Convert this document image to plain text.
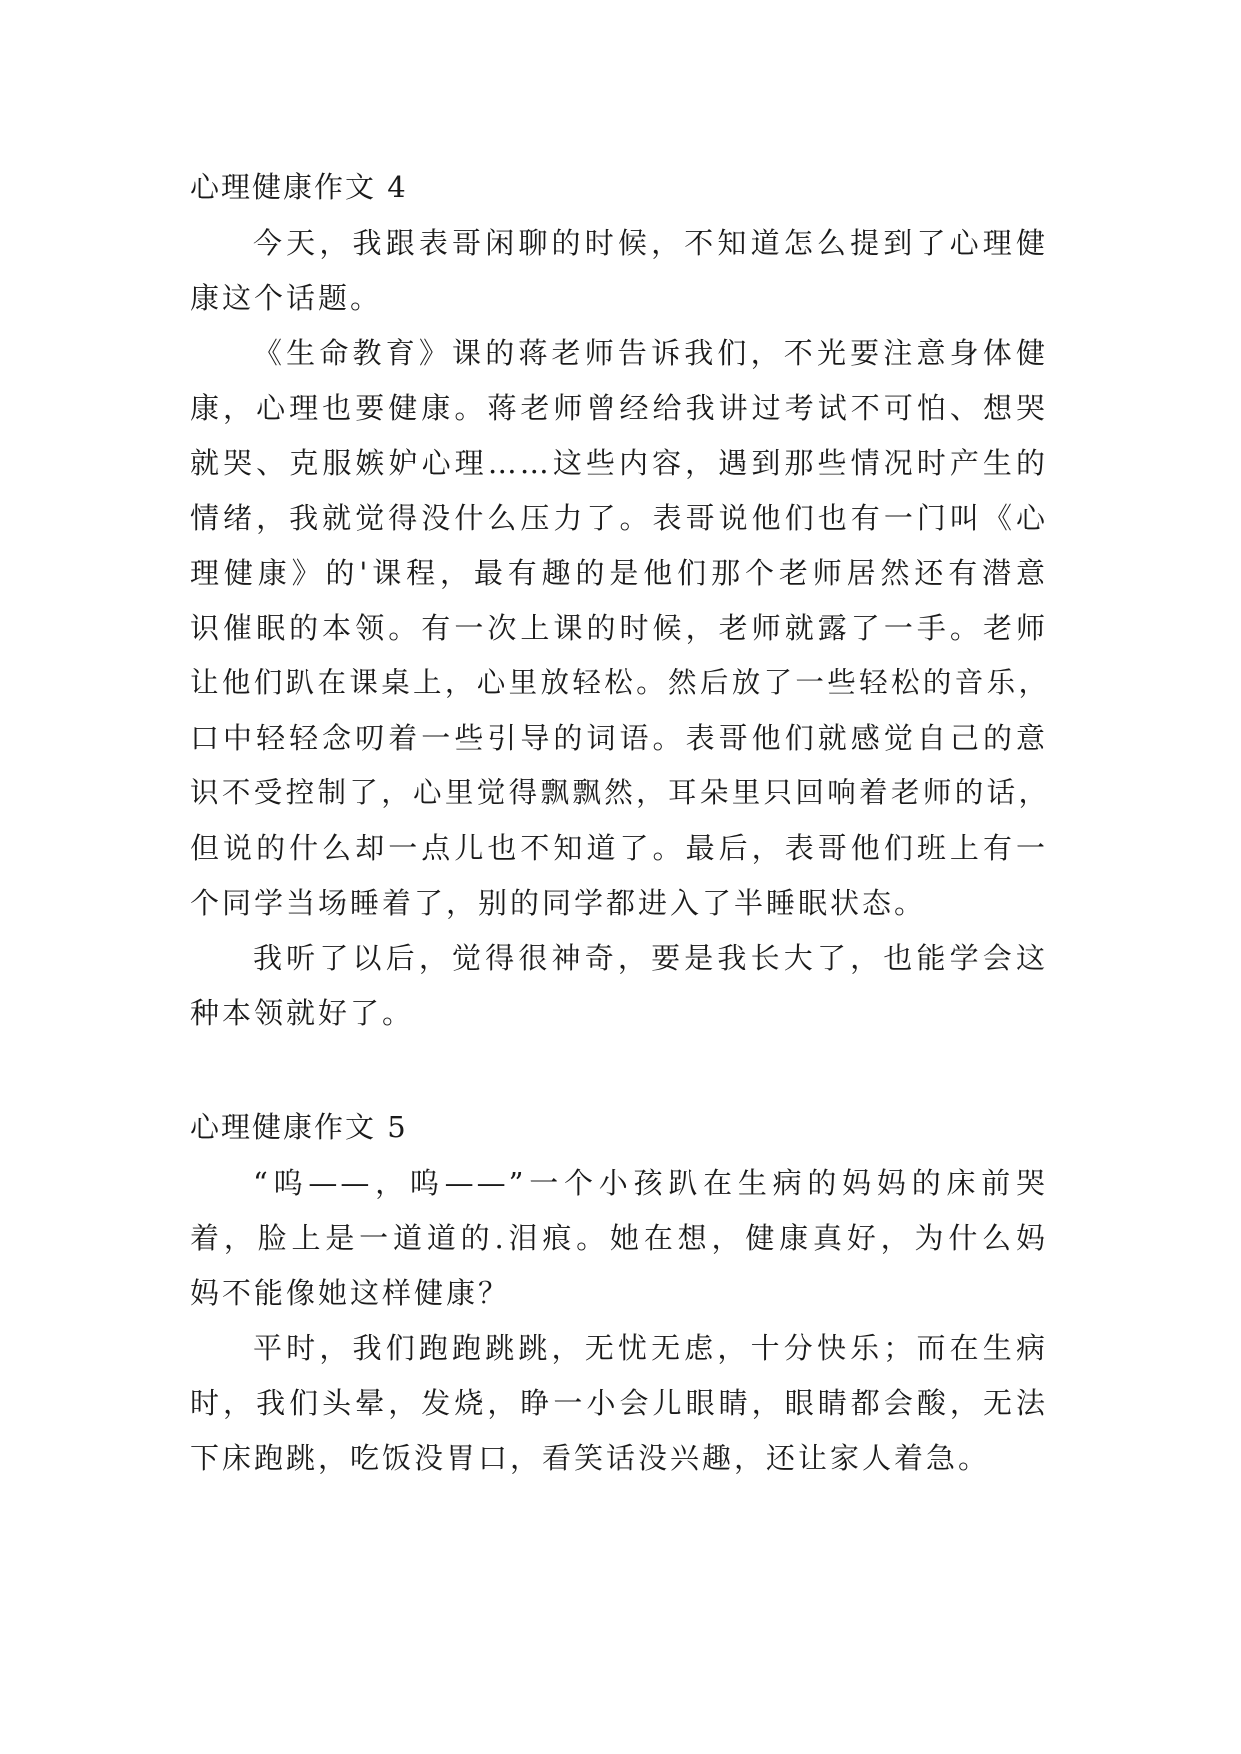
心理健康作文 4
今天，我跟表哥闲聊的时候，不知道怎么提到了心理健
康这个话题。
《生命教育》课的蒋老师告诉我们，不光要注意身体健
康，心理也要健康。蒋老师曾经给我讲过考试不可怕、想哭
就哭、克服嫉妒心理……这些内容，遇到那些情况时产生的
情绪，我就觉得没什么压力了。表哥说他们也有一门叫《心
理健康》的'课程，最有趣的是他们那个老师居然还有潜意
识催眠的本领。有一次上课的时候，老师就露了一手。老师
让他们趴在课桌上，心里放轻松。然后放了一些轻松的音乐，
口中轻轻念叨着一些引导的词语。表哥他们就感觉自己的意
识不受控制了，心里觉得飘飘然，耳朵里只回响着老师的话，
但说的什么却一点儿也不知道了。最后，表哥他们班上有一
个同学当场睡着了，别的同学都进入了半睡眠状态。
我听了以后，觉得很神奇，要是我长大了，也能学会这
种本领就好了。
心理健康作文 5
“呜——，呜——”一个小孩趴在生病的妈妈的床前哭
着，脸上是一道道的.泪痕。她在想，健康真好，为什么妈
妈不能像她这样健康？
平时，我们跑跑跳跳，无忧无虑，十分快乐；而在生病
时，我们头晕，发烧，睁一小会儿眼睛，眼睛都会酸，无法
下床跑跳，吃饭没胃口，看笑话没兴趣，还让家人着急。
